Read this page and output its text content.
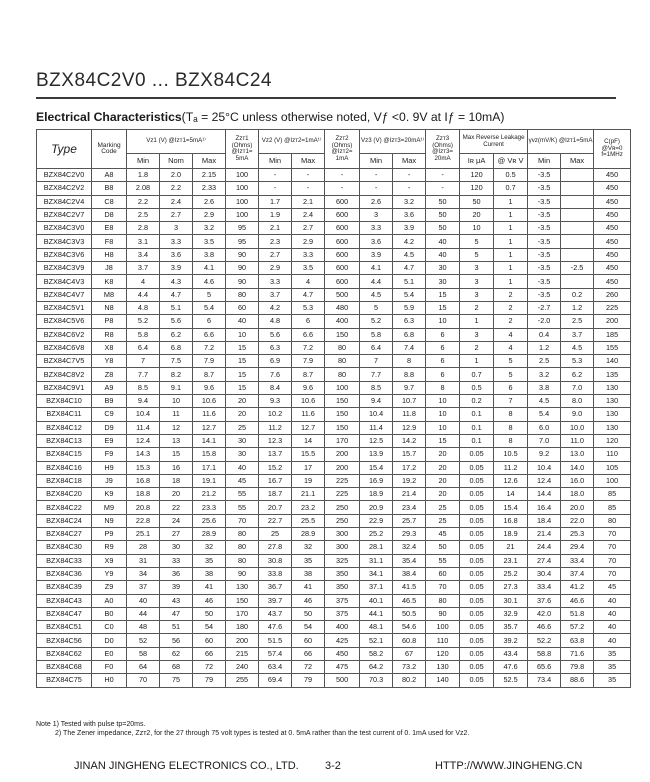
BZX84C2V0 ... BZX84C24
Electrical Characteristics(Tₐ = 25°C unless otherwise noted, Vƒ <0. 9V at Iƒ = 10mA)
Type	Marking Code	Vz1 (V) @Izт1=5mA¹⁾			Zzт1 (Ohms) @Izт1= 5mA	Vz2 (V) @Izт2=1mA¹⁾		Zzт2 (Ohms) @Izт2= 1mA	Vz3 (V) @Izт3=20mA¹⁾		Zzт3 (Ohms) @Izт3= 20mA	Max Reverse Leakage Current		γvz(mV/K) @Izт1=5mA		C(pF) @Vʀ=0 f=1MHz
		Min	Nom	Max		Min	Max		Min	Max		Iʀ μA	@ Vʀ V	Min	Max	
BZX84C2V0	A8	1.8	2.0	2.15	100	-	-	-	-	-	-	120	0.5	-3.5		450
BZX84C2V2	B8	2.08	2.2	2.33	100	-	-	-	-	-	-	120	0.7	-3.5		450
BZX84C2V4	C8	2.2	2.4	2.6	100	1.7	2.1	600	2.6	3.2	50	50	1	-3.5		450
BZX84C2V7	D8	2.5	2.7	2.9	100	1.9	2.4	600	3	3.6	50	20	1	-3.5		450
BZX84C3V0	E8	2.8	3	3.2	95	2.1	2.7	600	3.3	3.9	50	10	1	-3.5		450
BZX84C3V3	F8	3.1	3.3	3.5	95	2.3	2.9	600	3.6	4.2	40	5	1	-3.5		450
BZX84C3V6	H8	3.4	3.6	3.8	90	2.7	3.3	600	3.9	4.5	40	5	1	-3.5		450
BZX84C3V9	J8	3.7	3.9	4.1	90	2.9	3.5	600	4.1	4.7	30	3	1	-3.5	-2.5	450
BZX84C4V3	K8	4	4.3	4.6	90	3.3	4	600	4.4	5.1	30	3	1	-3.5		450
BZX84C4V7	M8	4.4	4.7	5	80	3.7	4.7	500	4.5	5.4	15	3	2	-3.5	0.2	260
BZX84C5V1	N8	4.8	5.1	5.4	60	4.2	5.3	480	5	5.9	15	2	2	-2.7	1.2	225
BZX84C5V6	P8	5.2	5.6	6	40	4.8	6	400	5.2	6.3	10	1	2	-2.0	2.5	200
BZX84C6V2	R8	5.8	6.2	6.6	10	5.6	6.6	150	5.8	6.8	6	3	4	0.4	3.7	185
BZX84C6V8	X8	6.4	6.8	7.2	15	6.3	7.2	80	6.4	7.4	6	2	4	1.2	4.5	155
BZX84C7V5	Y8	7	7.5	7.9	15	6.9	7.9	80	7	8	6	1	5	2.5	5.3	140
BZX84C8V2	Z8	7.7	8.2	8.7	15	7.6	8.7	80	7.7	8.8	6	0.7	5	3.2	6.2	135
BZX84C9V1	A9	8.5	9.1	9.6	15	8.4	9.6	100	8.5	9.7	8	0.5	6	3.8	7.0	130
BZX84C10	B9	9.4	10	10.6	20	9.3	10.6	150	9.4	10.7	10	0.2	7	4.5	8.0	130
BZX84C11	C9	10.4	11	11.6	20	10.2	11.6	150	10.4	11.8	10	0.1	8	5.4	9.0	130
BZX84C12	D9	11.4	12	12.7	25	11.2	12.7	150	11.4	12.9	10	0.1	8	6.0	10.0	130
BZX84C13	E9	12.4	13	14.1	30	12.3	14	170	12.5	14.2	15	0.1	8	7.0	11.0	120
BZX84C15	F9	14.3	15	15.8	30	13.7	15.5	200	13.9	15.7	20	0.05	10.5	9.2	13.0	110
BZX84C16	H9	15.3	16	17.1	40	15.2	17	200	15.4	17.2	20	0.05	11.2	10.4	14.0	105
BZX84C18	J9	16.8	18	19.1	45	16.7	19	225	16.9	19.2	20	0.05	12.6	12.4	16.0	100
BZX84C20	K9	18.8	20	21.2	55	18.7	21.1	225	18.9	21.4	20	0.05	14	14.4	18.0	85
BZX84C22	M9	20.8	22	23.3	55	20.7	23.2	250	20.9	23.4	25	0.05	15.4	16.4	20.0	85
BZX84C24	N9	22.8	24	25.6	70	22.7	25.5	250	22.9	25.7	25	0.05	16.8	18.4	22.0	80
BZX84C27	P9	25.1	27	28.9	80	25	28.9	300	25.2	29.3	45	0.05	18.9	21.4	25.3	70
BZX84C30	R9	28	30	32	80	27.8	32	300	28.1	32.4	50	0.05	21	24.4	29.4	70
BZX84C33	X9	31	33	35	80	30.8	35	325	31.1	35.4	55	0.05	23.1	27.4	33.4	70
BZX84C36	Y9	34	36	38	90	33.8	38	350	34.1	38.4	60	0.05	25.2	30.4	37.4	70
BZX84C39	Z9	37	39	41	130	36.7	41	350	37.1	41.5	70	0.05	27.3	33.4	41.2	45
BZX84C43	A0	40	43	46	150	39.7	46	375	40.1	46.5	80	0.05	30.1	37.6	46.6	40
BZX84C47	B0	44	47	50	170	43.7	50	375	44.1	50.5	90	0.05	32.9	42.0	51.8	40
BZX84C51	C0	48	51	54	180	47.6	54	400	48.1	54.6	100	0.05	35.7	46.6	57.2	40
BZX84C56	D0	52	56	60	200	51.5	60	425	52.1	60.8	110	0.05	39.2	52.2	63.8	40
BZX84C62	E0	58	62	66	215	57.4	66	450	58.2	67	120	0.05	43.4	58.8	71.6	35
BZX84C68	F0	64	68	72	240	63.4	72	475	64.2	73.2	130	0.05	47.6	65.6	79.8	35
BZX84C75	H0	70	75	79	255	69.4	79	500	70.3	80.2	140	0.05	52.5	73.4	88.6	35
Note 1) Tested with pulse tp=20ms.
2) The Zener impedance, Zzт2, for the 27 through 75 volt types is tested at 0. 5mA rather than the test current of 0. 1mA used for Vz2.
JINAN JINGHENG ELECTRONICS CO., LTD. 3-2	HTTP://WWW.JINGHENG.CN
